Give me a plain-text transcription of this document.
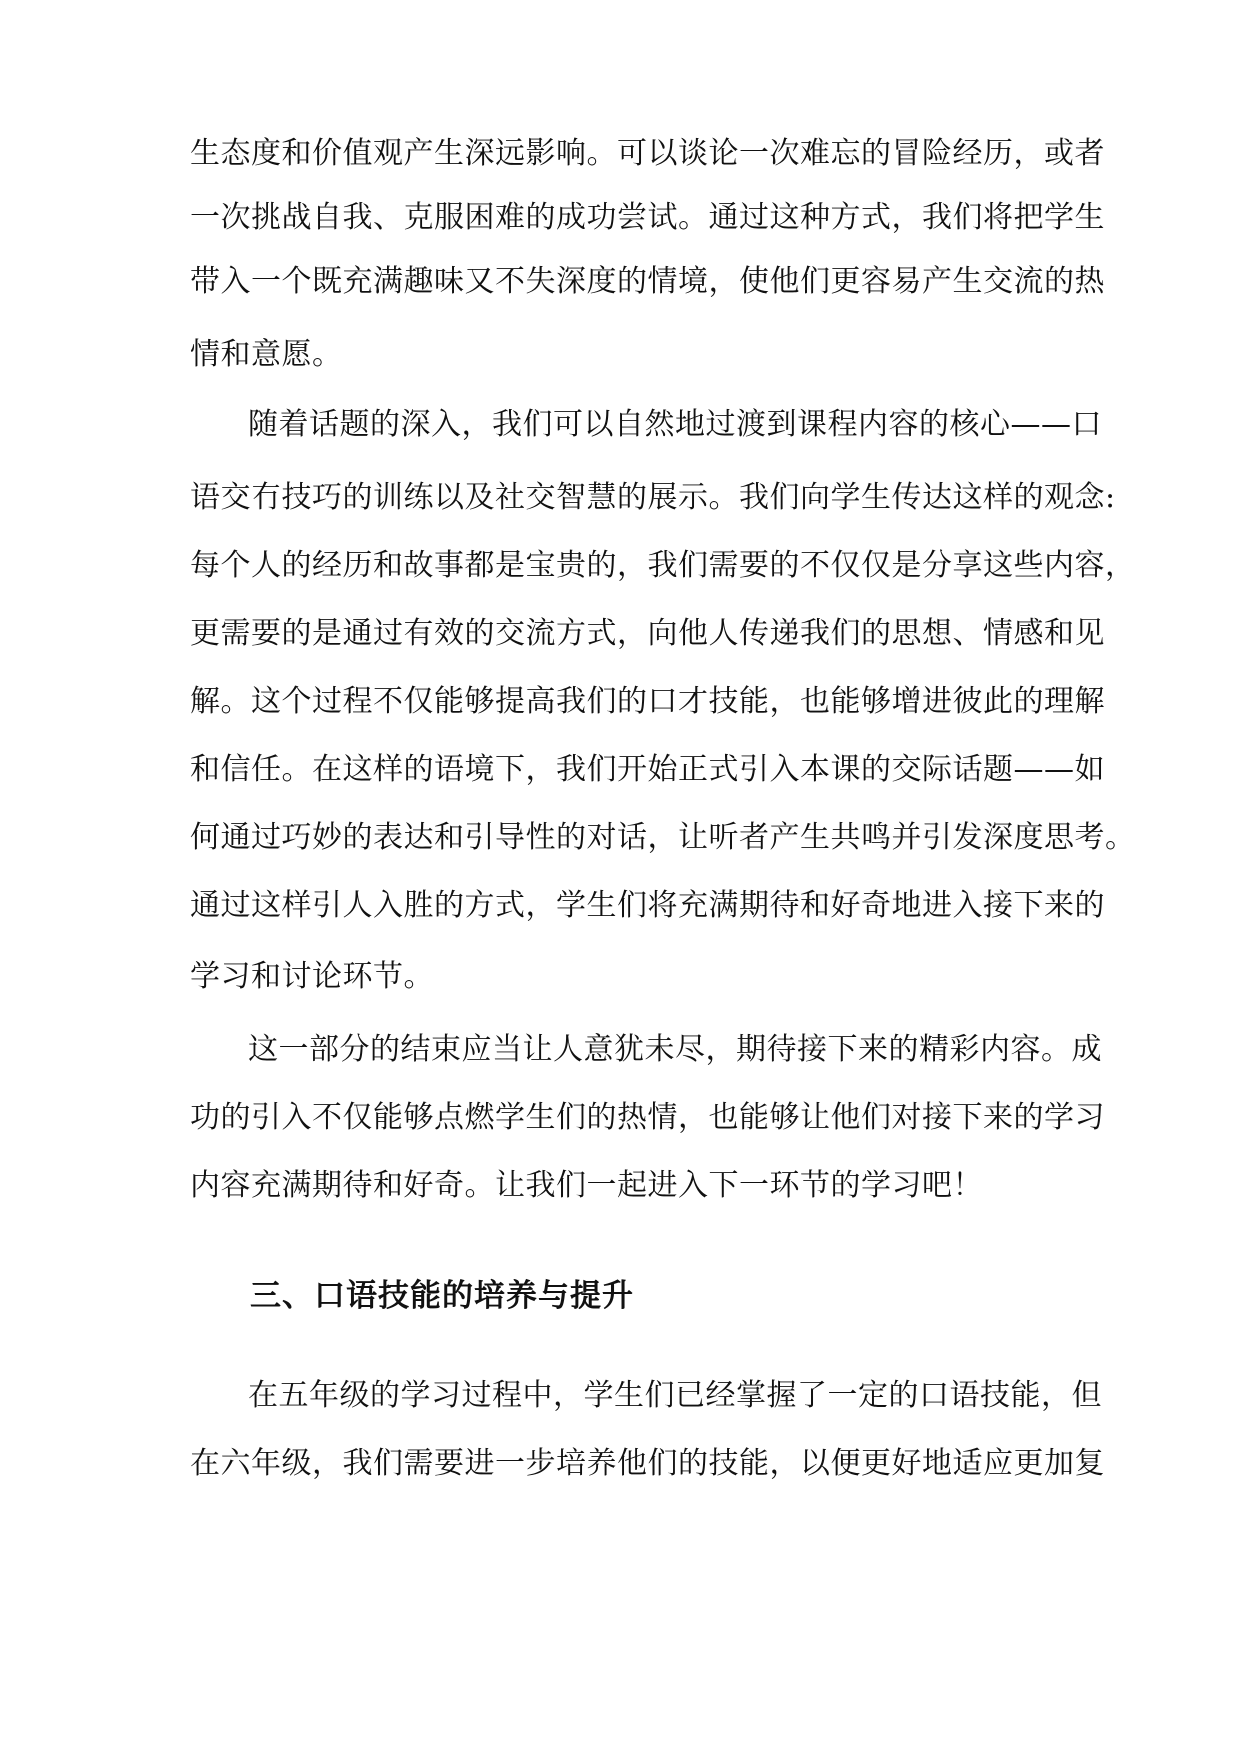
生态度和价值观产生深远影响。可以谈论一次难忘的冒险经历，或者
一次挑战自我、克服困难的成功尝试。通过这种方式，我们将把学生
带入一个既充满趣味又不失深度的情境，使他们更容易产生交流的热
情和意愿。
随着话题的深入，我们可以自然地过渡到课程内容的核心——口
语交冇技巧的训练以及社交智慧的展示。我们向学生传达这样的观念:
每个人的经历和故事都是宝贵的，我们需要的不仅仅是分享这些内容，
更需要的是通过有效的交流方式，向他人传递我们的思想、情感和见
解。这个过程不仅能够提高我们的口才技能，也能够增进彼此的理解
和信任。在这样的语境下，我们开始正式引入本课的交际话题——如
何通过巧妙的表达和引导性的对话，让听者产生共鸣并引发深度思考。
通过这样引人入胜的方式，学生们将充满期待和好奇地进入接下来的
学习和讨论环节。
这一部分的结束应当让人意犹未尽，期待接下来的精彩内容。成
功的引入不仅能够点燃学生们的热情，也能够让他们对接下来的学习
内容充满期待和好奇。让我们一起进入下一环节的学习吧！
三、口语技能的培养与提升
在五年级的学习过程中，学生们已经掌握了一定的口语技能，但
在六年级，我们需要进一步培养他们的技能，以便更好地适应更加复
